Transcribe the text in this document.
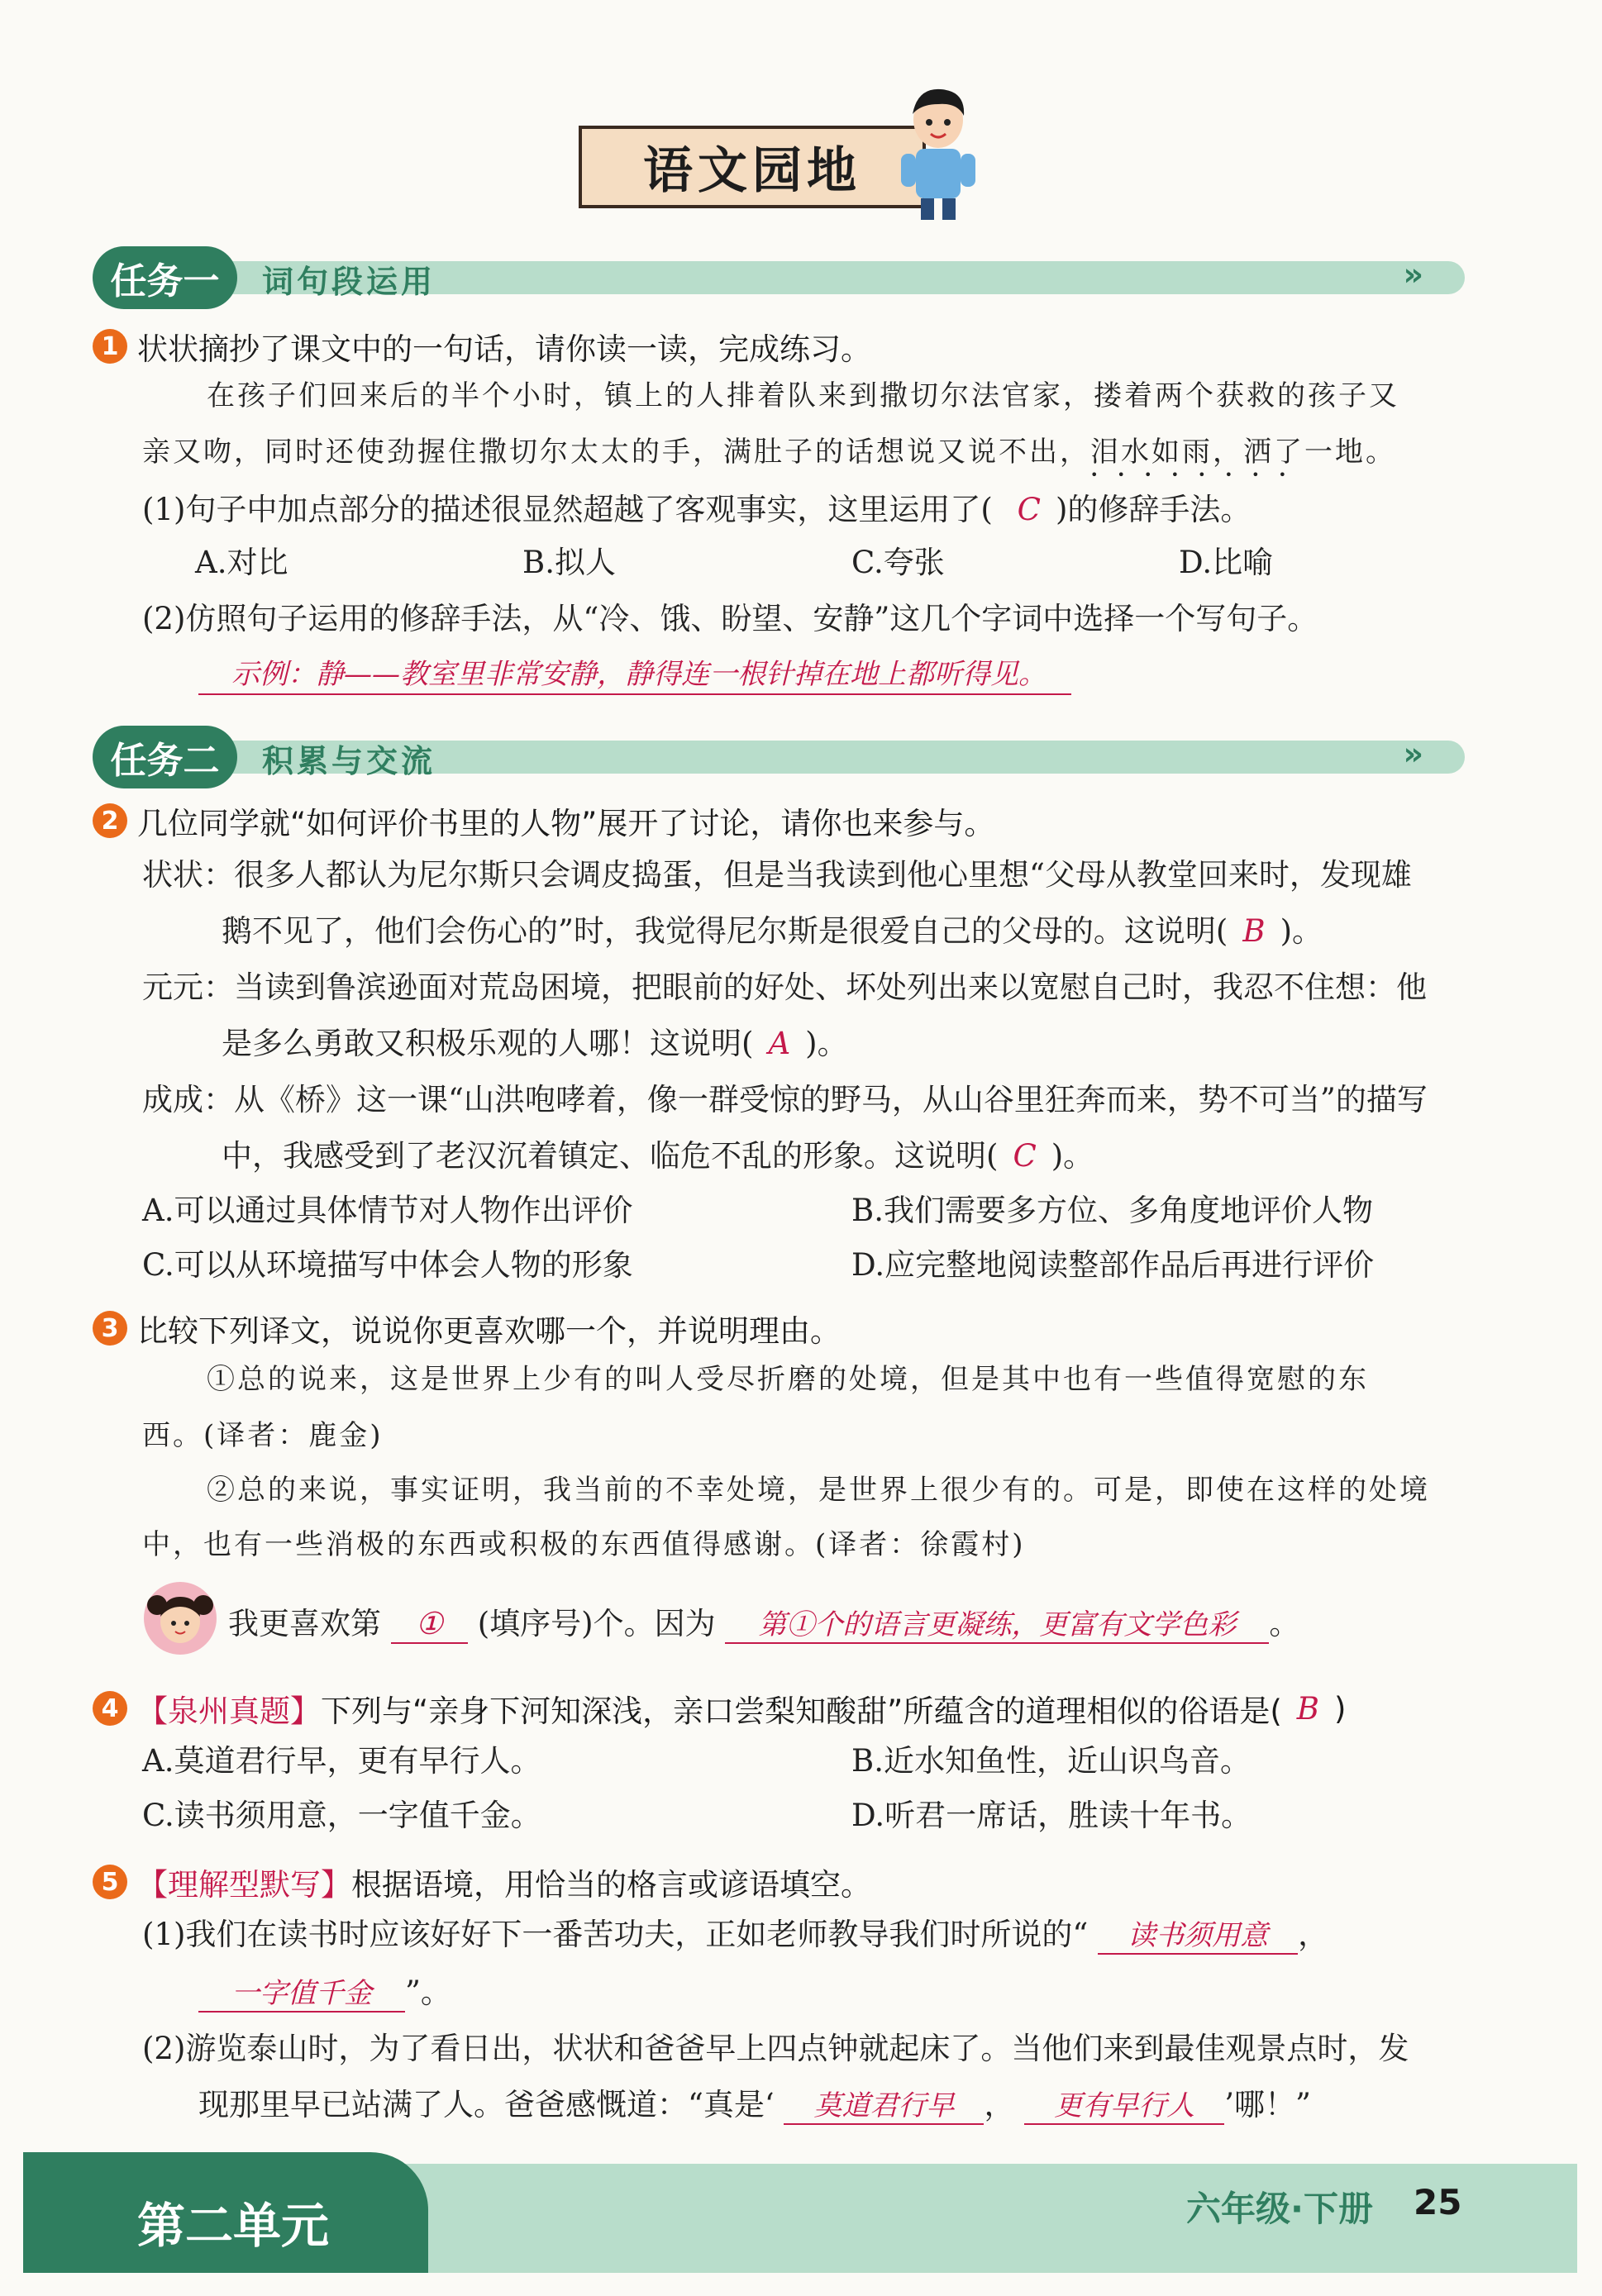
语文园地
任务一 词句段运用	»
1 状状摘抄了课文中的一句话，请你读一读，完成练习。
在孩子们回来后的半个小时，镇上的人排着队来到撒切尔法官家，搂着两个获救的孩子又
亲又吻，同时还使劲握住撒切尔太太的手，满肚子的话想说又说不出，泪水如雨，洒了一地 • • 。
(1)句子中加点部分的描述很显然超越了客观事实，这里运用了( C )的修辞手法。
A.对比	B.拟人	C.夸张	D.比喻
(2)仿照句子运用的修辞手法，从“冷、饿、盼望、安静”这几个字词中选择一个写句子。
示例：静——教室里非常安静，静得连一根针掉在地上都听得见。
任务二 积累与交流	»
2 几位同学就“如何评价书里的人物”展开了讨论，请你也来参与。
状状：很多人都认为尼尔斯只会调皮捣蛋，但是当我读到他心里想“父母从教堂回来时，发现雄
鹅不见了，他们会伤心的”时，我觉得尼尔斯是很爱自己的父母的。这说明( B )。
元元：当读到鲁滨逊面对荒岛困境，把眼前的好处、坏处列出来以宽慰自己时，我忍不住想：他
是多么勇敢又积极乐观的人哪！这说明( A )。
成成：从《桥》这一课“山洪咆哮着，像一群受惊的野马，从山谷里狂奔而来，势不可当”的描写
中，我感受到了老汉沉着镇定、临危不乱的形象。这说明( C )。
A.可以通过具体情节对人物作出评价	B.我们需要多方位、多角度地评价人物
C.可以从环境描写中体会人物的形象	D.应完整地阅读整部作品后再进行评价
3 比较下列译文，说说你更喜欢哪一个，并说明理由。
①总的说来，这是世界上少有的叫人受尽折磨的处境，但是其中也有一些值得宽慰的东
西。(译者：鹿金)
②总的来说，事实证明，我当前的不幸处境，是世界上很少有的。可是，即使在这样的处境
中，也有一些消极的东西或积极的东西值得感谢。(译者：徐霞村)
我更喜欢第 ① (填序号)个。因为 第①个的语言更凝练，更富有文学色彩 。
4 【泉州真题】 下列与“亲身下河知深浅，亲口尝梨知酸甜”所蕴含的道理相似的俗语是( B )
A.莫道君行早，更有早行人。	B.近水知鱼性，近山识鸟音。
C.读书须用意，一字值千金。	D.听君一席话，胜读十年书。
5 【理解型默写】 根据语境，用恰当的格言或谚语填空。
(1)我们在读书时应该好好下一番苦功夫，正如老师教导我们时所说的“ 读书须用意 ，
一字值千金 ”。
(2)游览泰山时，为了看日出，状状和爸爸早上四点钟就起床了。当他们来到最佳观景点时，发
现那里早已站满了人。爸爸感慨道：“真是‘ 莫道君行早 ， 更有早行人 ’哪！”
第二单元	六年级·下册 25
